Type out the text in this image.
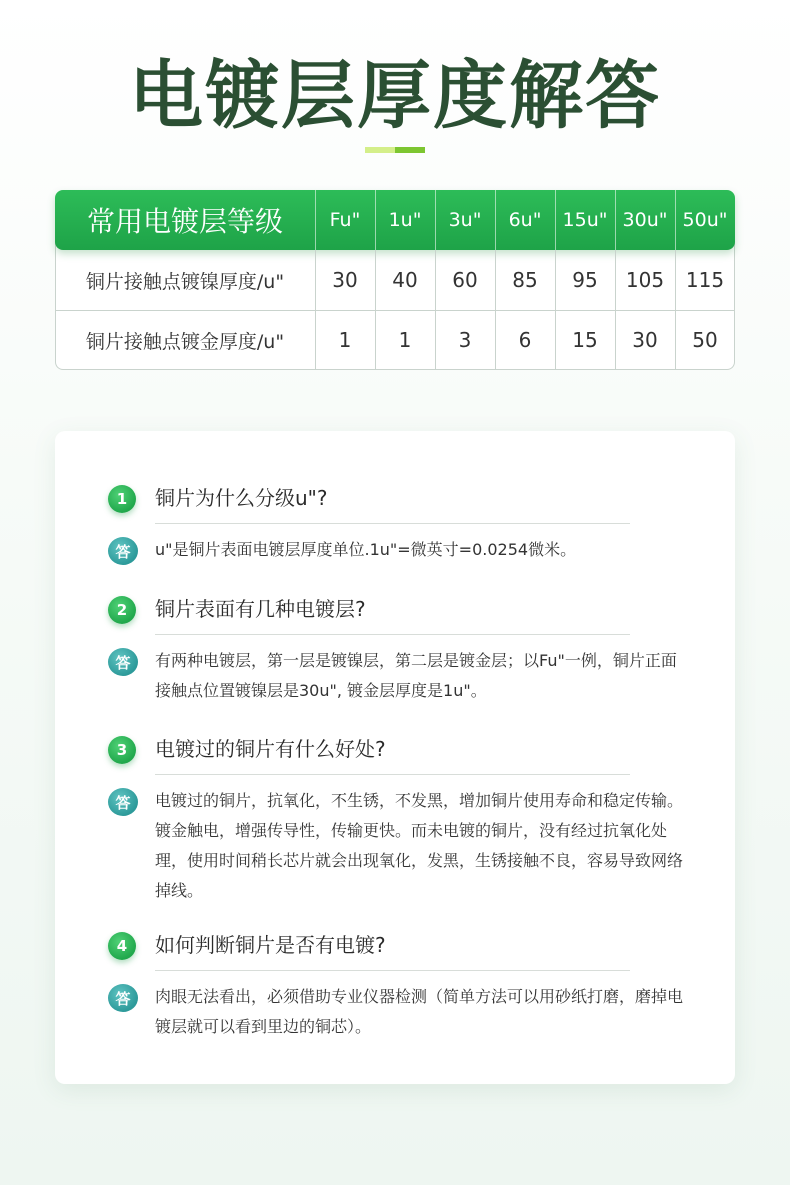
电镀层厚度解答
常用电镀层等级	Fu"	1u"	3u"	6u"	15u" 30u" 50u"
铜片接触点镀镍厚度/u"	30	40	60	85	95	105	115
铜片接触点镀金厚度/u"	1	1	3	6	15	30	50
1	铜片为什么分级u"?
答	u"是铜片表面电镀层厚度单位.1u"=微英寸=0.0254微米。
2	铜片表面有几种电镀层?
答	有两种电镀层，第一层是镀镍层，第二层是镀金层；以Fu"一例，铜片正面接触点位置镀镍层是30u", 镀金层厚度是1u"。
3	电镀过的铜片有什么好处?
答	电镀过的铜片，抗氧化，不生锈，不发黑，增加铜片使用寿命和稳定传输。镀金触电，增强传导性，传输更快。而未电镀的铜片，没有经过抗氧化处理，使用时间稍长芯片就会出现氧化，发黑，生锈接触不良，容易导致网络掉线。
4	如何判断铜片是否有电镀?
答	肉眼无法看出，必须借助专业仪器检测（简单方法可以用砂纸打磨，磨掉电镀层就可以看到里边的铜芯）。
